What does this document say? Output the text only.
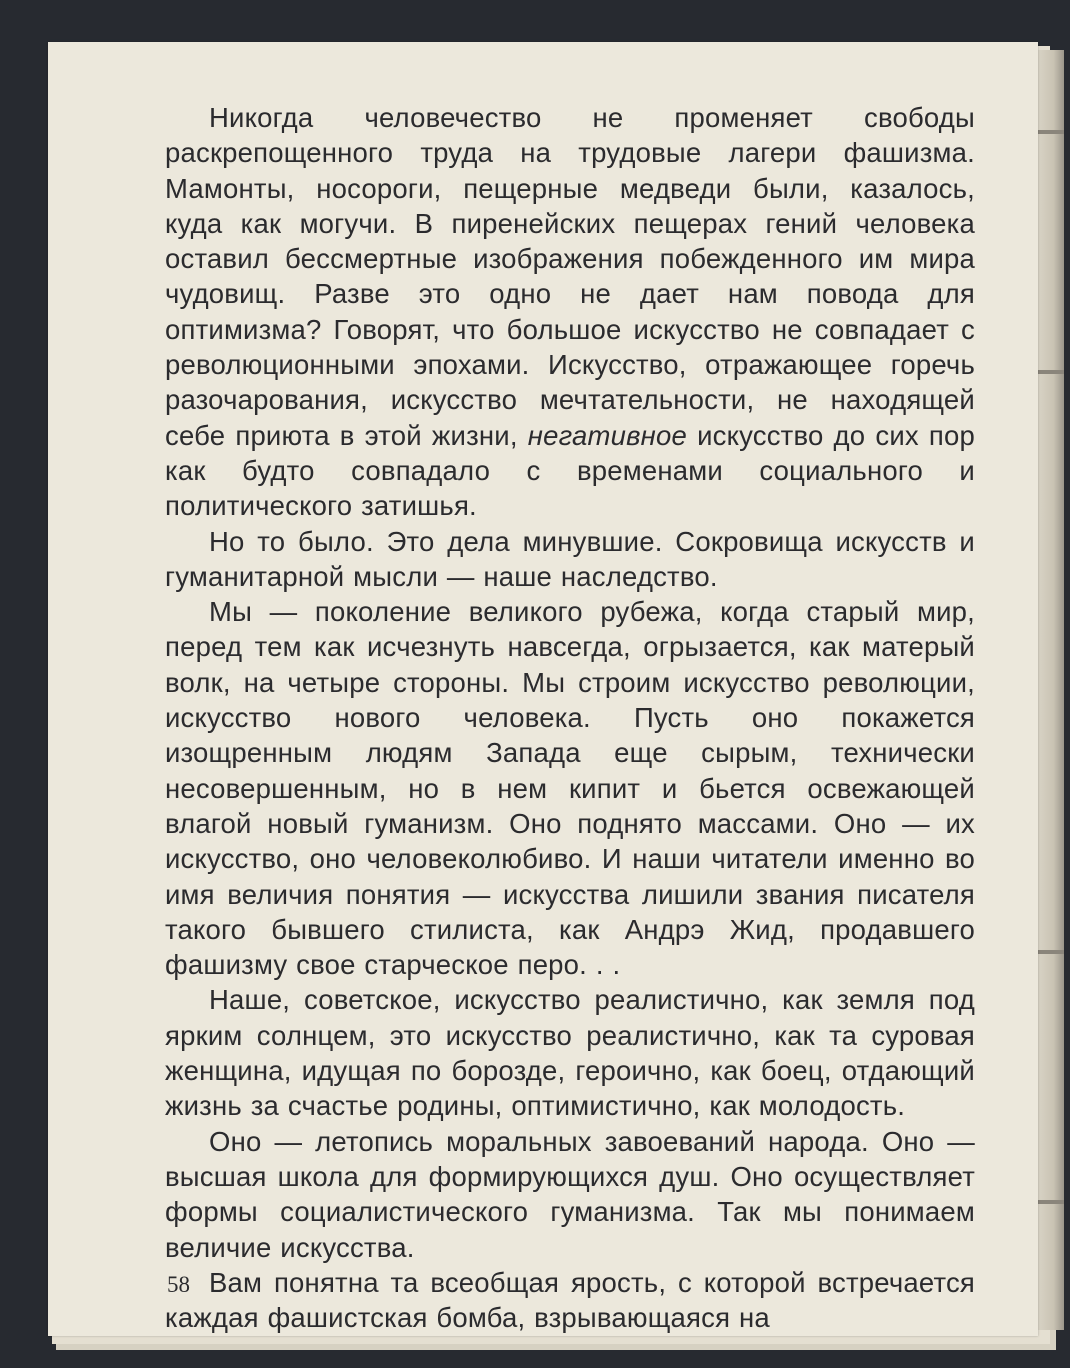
Никогда человечество не променяет свободы раскрепощенного труда на трудовые лагери фашизма. Мамонты, носороги, пещерные медведи были, казалось, куда как могучи. В пиренейских пещерах гений человека оставил бессмертные изображения побежденного им мира чудовищ. Разве это одно не дает нам повода для оптимизма? Говорят, что большое искусство не совпадает с революционными эпохами. Искусство, отражающее горечь разочарования, искусство мечтательности, не находящей себе приюта в этой жизни, негативное искусство до сих пор как будто совпадало с временами социального и политического затишья.

Но то было. Это дела минувшие. Сокровища искусств и гуманитарной мысли — наше наследство.

Мы — поколение великого рубежа, когда старый мир, перед тем как исчезнуть навсегда, огрызается, как матерый волк, на четыре стороны. Мы строим искусство революции, искусство нового человека. Пусть оно покажется изощренным людям Запада еще сырым, технически несовершенным, но в нем кипит и бьется освежающей влагой новый гуманизм. Оно поднято массами. Оно — их искусство, оно человеколюбиво. И наши читатели именно во имя величия понятия — искусства лишили звания писателя такого бывшего стилиста, как Андрэ Жид, продавшего фашизму свое старческое перо. . .

Наше, советское, искусство реалистично, как земля под ярким солнцем, это искусство реалистично, как та суровая женщина, идущая по борозде, героично, как боец, отдающий жизнь за счастье родины, оптимистично, как молодость.

Оно — летопись моральных завоеваний народа. Оно — высшая школа для формирующихся душ. Оно осуществляет формы социалистического гуманизма. Так мы понимаем величие искусства.

Вам понятна та всеобщая ярость, с которой встречается каждая фашистская бомба, взрывающаяся на

58
